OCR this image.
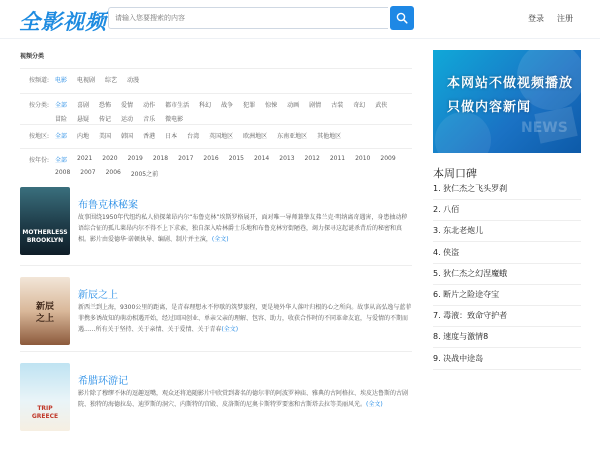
全影视频
请输入您要搜索的内容	登录 注册
视频分类
按频道: 电影 电视剧 综艺 动漫
按分类: 全部 喜剧 恐怖 爱情 动作 都市生活 科幻 战争 犯罪 惊悚 动画 剧情 古装 奇幻 武侠
冒险 悬疑 传记 运动 音乐 微电影
按地区: 全部 内地 美国 韩国 香港 日本 台湾 英国地区 欧洲地区 东南亚地区 其他地区
按年份: 全部 2021 2020 2019 2018 2017 2016 2015 2014 2013 2012 2011 2010 2009
2008 2007 2006 2005之前
MOTHERLESS
BROOKLYN
布鲁克林秘案
故事围绕1950年代纽约私人侦探莱昂内尔“布鲁克林”埃斯罗格展开，面对唯一导师兼挚友弗兰克·明纳离奇遇害，身患抽动秽语综合征的孤儿莱昂内尔不得不上下求索，独自深入哈林爵士乐地和布鲁克林穷街陋巷，竭力探寻这起谜杀背后的秘密和真相。影片由爱德华·诺顿执导、编剧、制片并主演，(全文)
新辰
之上
新辰之上
新西兰到上海，9300公里的距离，是青春理想永不停歇的筑梦旅程，更是境外华人落叶归根的心之所向。故事从高弘逸与蓝菲菲携多诱故知的萌动相遇开始，经过回国创业、单亲父亲的理解、包容、助力，收获合作时的不同革命友谊，与爱情的不期而遇......所有关于坚持、关于亲情、关于爱情、关于青春(全文)
TRIP
GREECE
希腊环游记
影片除了穆缪不休的逗趣逗嘴，观众还将追随影片中欣赏到著名的德尔菲的阿波罗神庙、雅典的古阿格拉、埃皮达鲁斯的古剧院、独特的海德拉岛、迪罗斯的洞穴、内斯特的宫殿、皮洛斯的尼奥卡斯特罗要塞和古斯塔去拉等美丽风光。(全文)
NEWS
本网站不做视频播放
只做内容新闻
本周口碑
1. 狄仁杰之飞头罗刹
2. 八佰
3. 东北老炮儿
4. 侠盗
5. 狄仁杰之幻涅魔蛾
6. 断片之险途夺宝
7. 毒液：致命守护者
8. 速度与激情8
9. 决战中途岛
